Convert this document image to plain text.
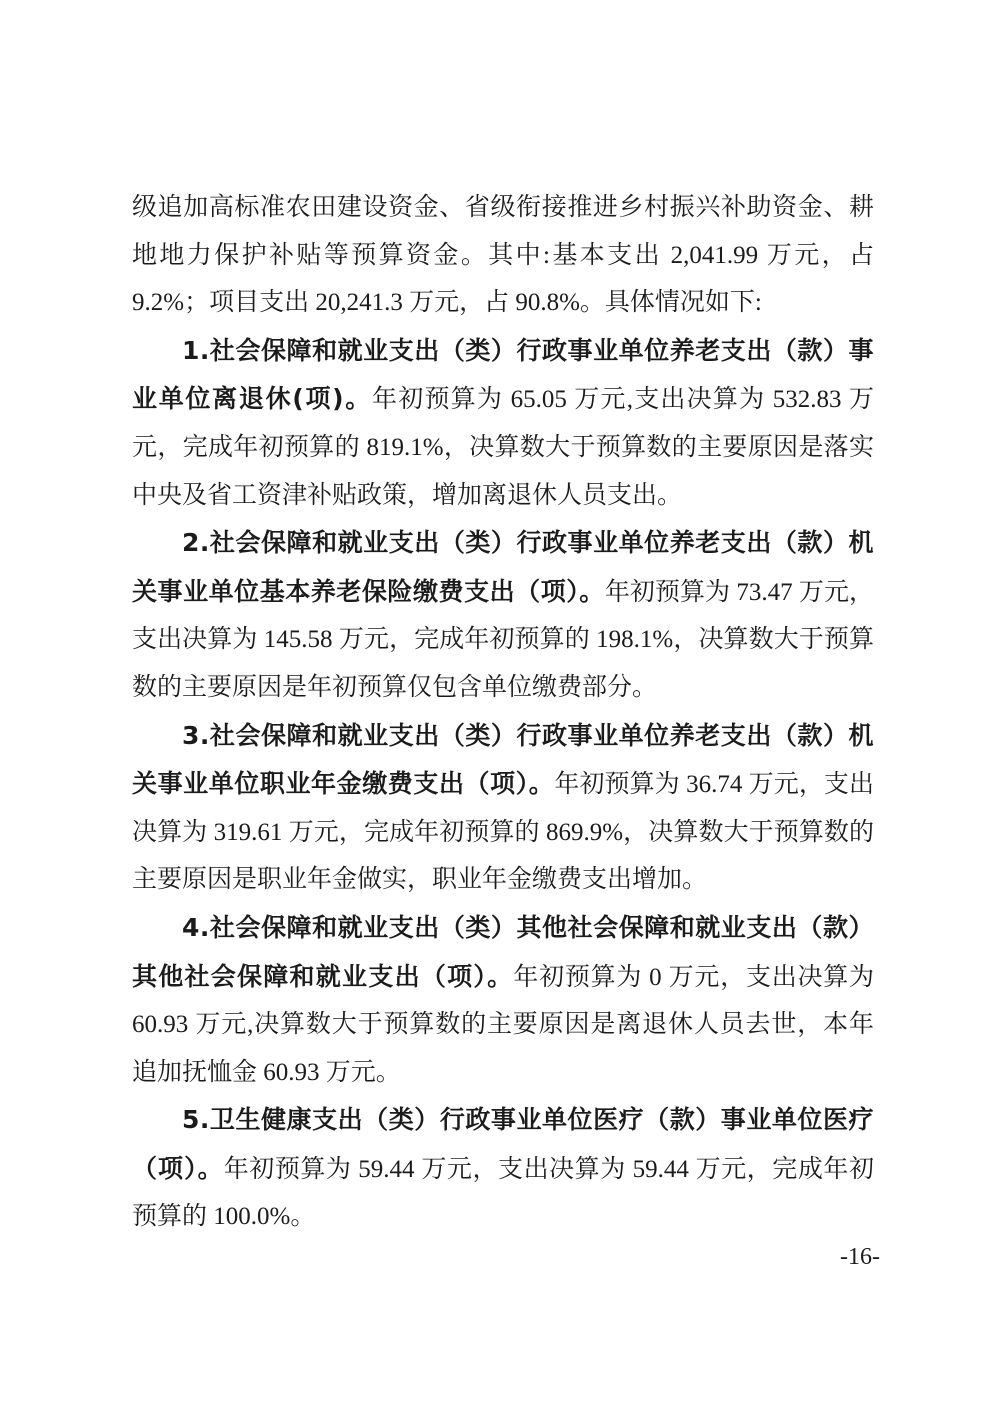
级追加高标准农田建设资金、省级衔接推进乡村振兴补助资金、耕地地力保护补贴等预算资金。其中:基本支出 2,041.99 万元，占 9.2%；项目支出 20,241.3 万元，占 90.8%。具体情况如下:

1.社会保障和就业支出（类）行政事业单位养老支出（款）事业单位离退休(项)。年初预算为 65.05 万元,支出决算为 532.83 万元，完成年初预算的 819.1%，决算数大于预算数的主要原因是落实中央及省工资津补贴政策，增加离退休人员支出。

2.社会保障和就业支出（类）行政事业单位养老支出（款）机关事业单位基本养老保险缴费支出（项）。年初预算为 73.47 万元，支出决算为 145.58 万元，完成年初预算的 198.1%，决算数大于预算数的主要原因是年初预算仅包含单位缴费部分。

3.社会保障和就业支出（类）行政事业单位养老支出（款）机关事业单位职业年金缴费支出（项）。年初预算为 36.74 万元，支出决算为 319.61 万元，完成年初预算的 869.9%，决算数大于预算数的主要原因是职业年金做实，职业年金缴费支出增加。

4.社会保障和就业支出（类）其他社会保障和就业支出（款）其他社会保障和就业支出（项）。年初预算为 0 万元，支出决算为 60.93 万元,决算数大于预算数的主要原因是离退休人员去世，本年追加抚恤金 60.93 万元。

5.卫生健康支出（类）行政事业单位医疗（款）事业单位医疗（项）。年初预算为 59.44 万元，支出决算为 59.44 万元，完成年初预算的 100.0%。

-16-
